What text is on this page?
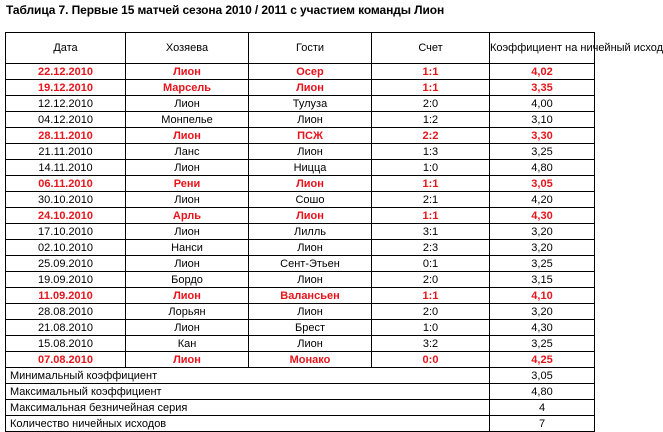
Таблица 7. Первые 15 матчей сезона 2010 / 2011 с участием команды Лион
Дата	Хозяева	Гости	Счет	Коэффициент на ничейный исход
22.12.2010	Лион	Осер	1:1	4,02
19.12.2010	Марсель	Лион	1:1	3,35
12.12.2010	Лион	Тулуза	2:0	4,00
04.12.2010	Монпелье	Лион	1:2	3,10
28.11.2010	Лион	ПСЖ	2:2	3,30
21.11.2010	Ланс	Лион	1:3	3,25
14.11.2010	Лион	Ницца	1:0	4,80
06.11.2010	Рени	Лион	1:1	3,05
30.10.2010	Лион	Сошо	2:1	4,20
24.10.2010	Арль	Лион	1:1	4,30
17.10.2010	Лион	Лилль	3:1	3,20
02.10.2010	Нанси	Лион	2:3	3,20
25.09.2010	Лион	Сент-Этьен	0:1	3,25
19.09.2010	Бордо	Лион	2:0	3,15
11.09.2010	Лион	Валансьен	1:1	4,10
28.08.2010	Лорьян	Лион	2:0	3,20
21.08.2010	Лион	Брест	1:0	4,30
15.08.2010	Кан	Лион	3:2	3,25
07.08.2010	Лион	Монако	0:0	4,25
Минимальный коэффициент				3,05
Максимальный коэффициент				4,80
Максимальная безничейная серия				4
Количество ничейных исходов				7
